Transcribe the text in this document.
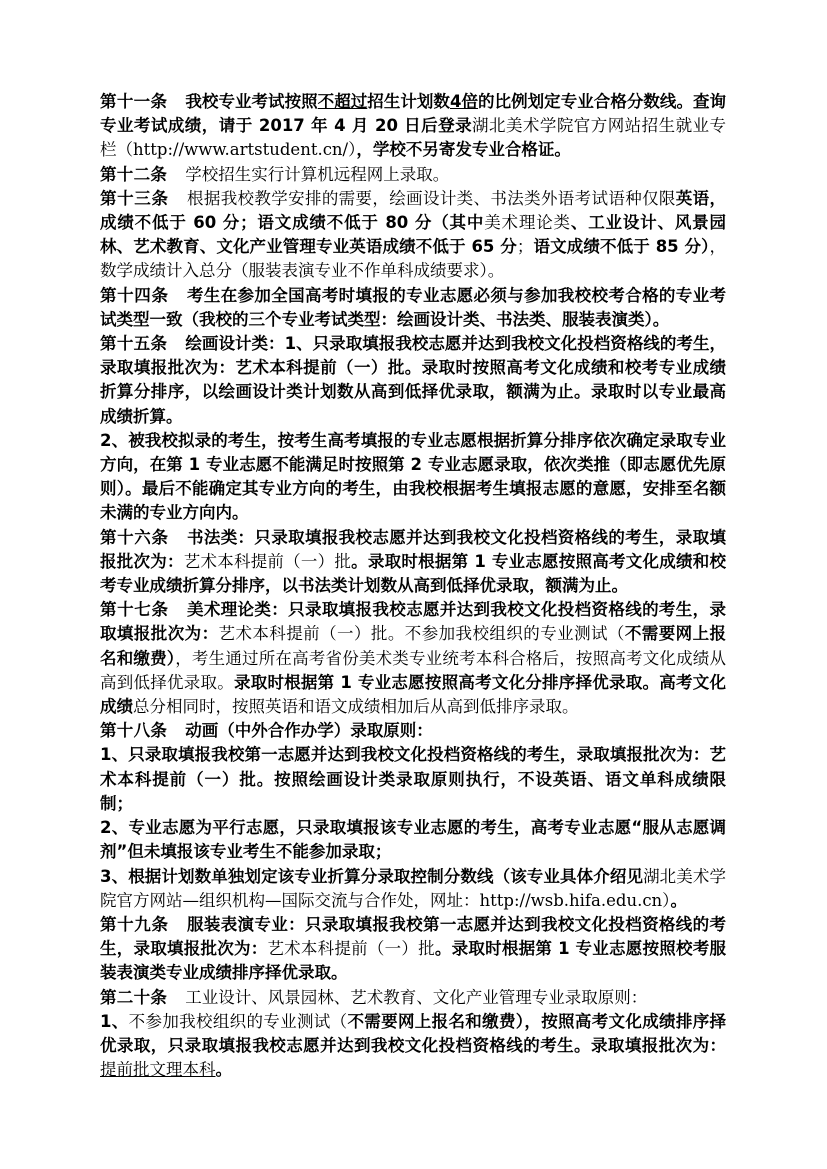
第十一条 我校专业考试按照不超过招生计划数4倍的比例划定专业合格分数线。查询专业考试成绩，请于 2017 年 4 月 20 日后登录湖北美术学院官方网站招生就业专栏（http://www.artstudent.cn/），学校不另寄发专业合格证。

第十二条 学校招生实行计算机远程网上录取。

第十三条 根据我校教学安排的需要，绘画设计类、书法类外语考试语种仅限英语，成绩不低于 60 分；语文成绩不低于 80 分（其中美术理论类、工业设计、风景园林、艺术教育、文化产业管理专业英语成绩不低于 65 分；语文成绩不低于 85 分），数学成绩计入总分（服装表演专业不作单科成绩要求）。

第十四条 考生在参加全国高考时填报的专业志愿必须与参加我校校考合格的专业考试类型一致（我校的三个专业考试类型：绘画设计类、书法类、服装表演类）。

第十五条 绘画设计类：1、只录取填报我校志愿并达到我校文化投档资格线的考生，录取填报批次为：艺术本科提前（一）批。录取时按照高考文化成绩和校考专业成绩折算分排序，以绘画设计类计划数从高到低择优录取，额满为止。录取时以专业最高成绩折算。

2、被我校拟录的考生，按考生高考填报的专业志愿根据折算分排序依次确定录取专业方向，在第 1 专业志愿不能满足时按照第 2 专业志愿录取，依次类推（即志愿优先原则）。最后不能确定其专业方向的考生，由我校根据考生填报志愿的意愿，安排至名额未满的专业方向内。

第十六条 书法类：只录取填报我校志愿并达到我校文化投档资格线的考生，录取填报批次为：艺术本科提前（一）批。录取时根据第 1 专业志愿按照高考文化成绩和校考专业成绩折算分排序，以书法类计划数从高到低择优录取，额满为止。

第十七条 美术理论类：只录取填报我校志愿并达到我校文化投档资格线的考生，录取填报批次为：艺术本科提前（一）批。不参加我校组织的专业测试（不需要网上报名和缴费），考生通过所在高考省份美术类专业统考本科合格后，按照高考文化成绩从高到低择优录取。录取时根据第 1 专业志愿按照高考文化分排序择优录取。高考文化成绩总分相同时，按照英语和语文成绩相加后从高到低排序录取。

第十八条 动画（中外合作办学）录取原则：

1、只录取填报我校第一志愿并达到我校文化投档资格线的考生，录取填报批次为：艺术本科提前（一）批。按照绘画设计类录取原则执行，不设英语、语文单科成绩限制；

2、专业志愿为平行志愿，只录取填报该专业志愿的考生，高考专业志愿“服从志愿调剂”但未填报该专业考生不能参加录取；

3、根据计划数单独划定该专业折算分录取控制分数线（该专业具体介绍见湖北美术学院官方网站—组织机构—国际交流与合作处，网址：http://wsb.hifa.edu.cn）。

第十九条 服装表演专业：只录取填报我校第一志愿并达到我校文化投档资格线的考生，录取填报批次为：艺术本科提前（一）批。录取时根据第 1 专业志愿按照校考服装表演类专业成绩排序择优录取。

第二十条 工业设计、风景园林、艺术教育、文化产业管理专业录取原则：

1、不参加我校组织的专业测试（不需要网上报名和缴费），按照高考文化成绩排序择优录取，只录取填报我校志愿并达到我校文化投档资格线的考生。录取填报批次为：提前批文理本科。
